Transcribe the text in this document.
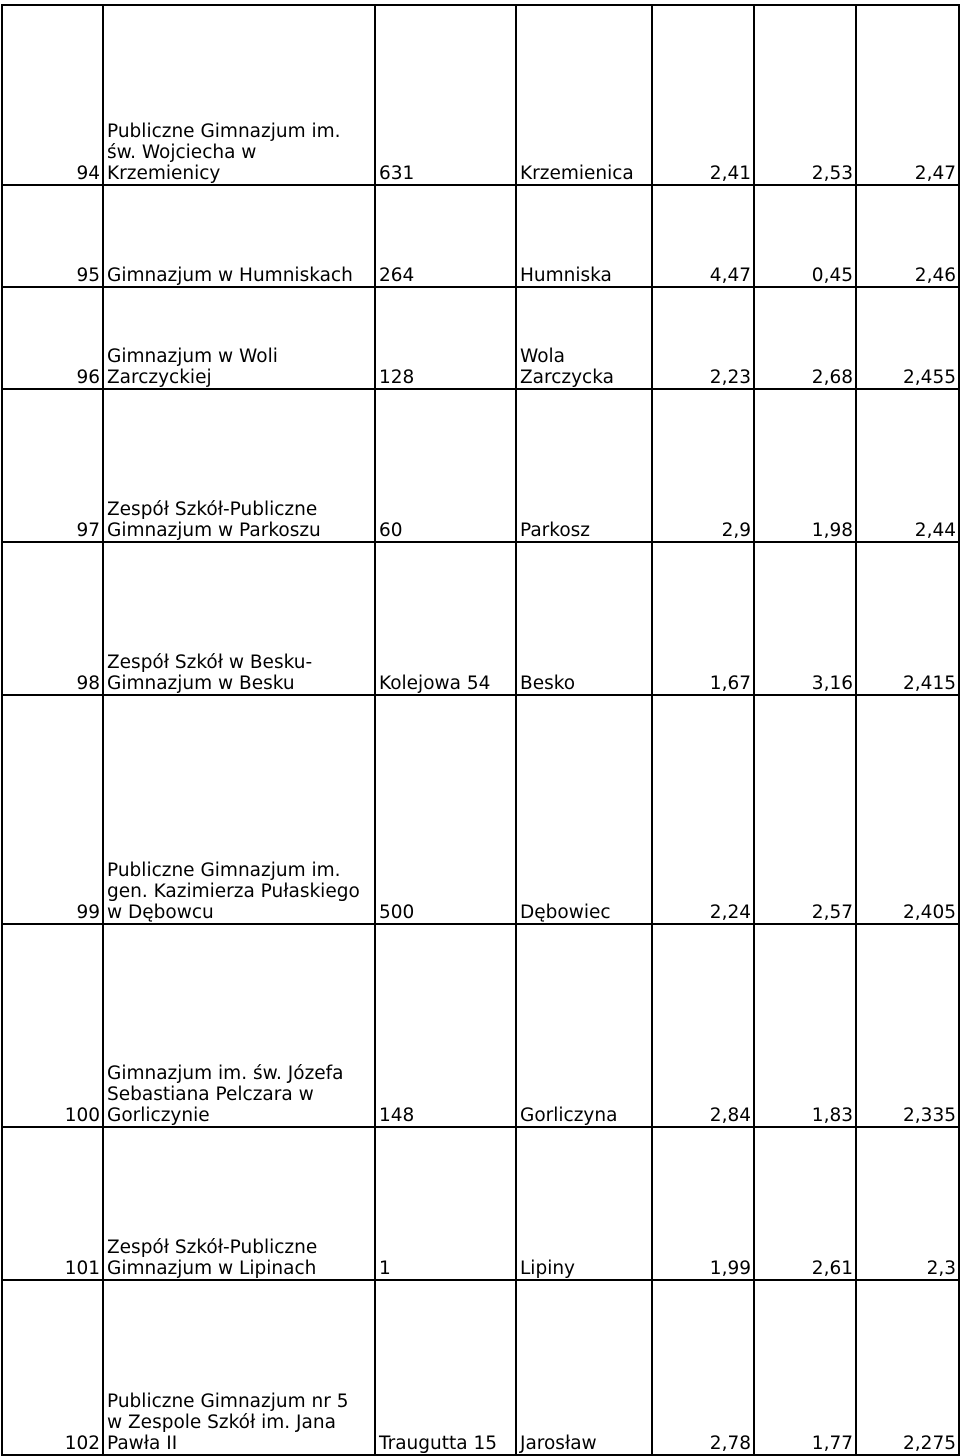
94	Publiczne Gimnazjum im.
św. Wojciecha w
Krzemienicy	631	Krzemienica	2,41	2,53	2,47
95	Gimnazjum w Humniskach	264	Humniska	4,47	0,45	2,46
96	Gimnazjum w Woli
Zarczyckiej	128	Wola
Zarczycka	2,23	2,68	2,455
97	Zespół Szkół-Publiczne
Gimnazjum w Parkoszu	60	Parkosz	2,9	1,98	2,44
98	Zespół Szkół w Besku-
Gimnazjum w Besku	Kolejowa 54	Besko	1,67	3,16	2,415
99	Publiczne Gimnazjum im.
gen. Kazimierza Pułaskiego
w Dębowcu	500	Dębowiec	2,24	2,57	2,405
100	Gimnazjum im. św. Józefa
Sebastiana Pelczara w
Gorliczynie	148	Gorliczyna	2,84	1,83	2,335
101	Zespół Szkół-Publiczne
Gimnazjum w Lipinach	1	Lipiny	1,99	2,61	2,3
102	Publiczne Gimnazjum nr 5
w Zespole Szkół im. Jana
Pawła II	Traugutta 15	Jarosław	2,78	1,77	2,275
